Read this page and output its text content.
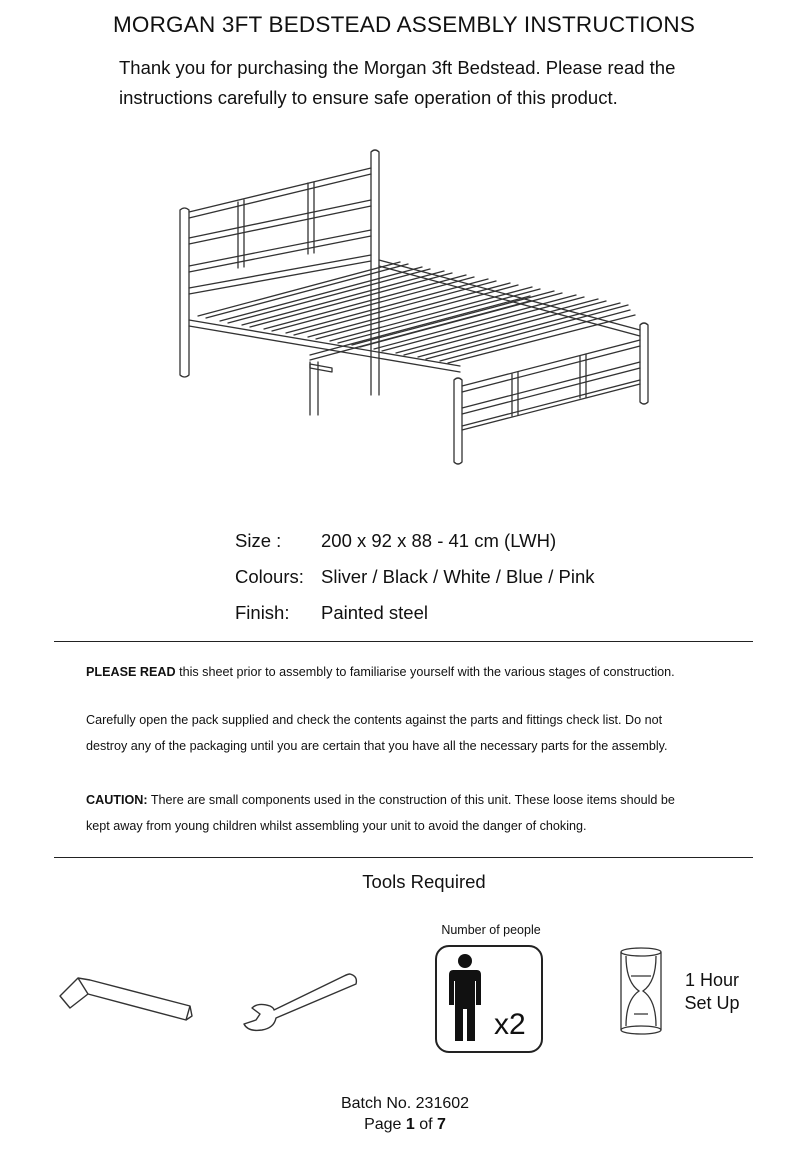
MORGAN 3FT BEDSTEAD ASSEMBLY INSTRUCTIONS
Thank you for purchasing the Morgan 3ft Bedstead. Please read the
instructions carefully to ensure safe operation of this product.
Size : 200 x 92 x 88 - 41 cm (LWH)
Colours: Sliver / Black / White / Blue / Pink
Finish: Painted steel
PLEASE READ this sheet prior to assembly to familiarise yourself with the various stages of construction.
Carefully open the pack supplied and check the contents against the parts and fittings check list. Do not
destroy any of the packaging until you are certain that you have all the necessary parts for the assembly.
CAUTION: There are small components used in the construction of this unit. These loose items should be
kept away from young children whilst assembling your unit to avoid the danger of choking.
Tools Required
Number of people
x2
1 Hour
Set Up
Batch No. 231602
Page 1 of 7
